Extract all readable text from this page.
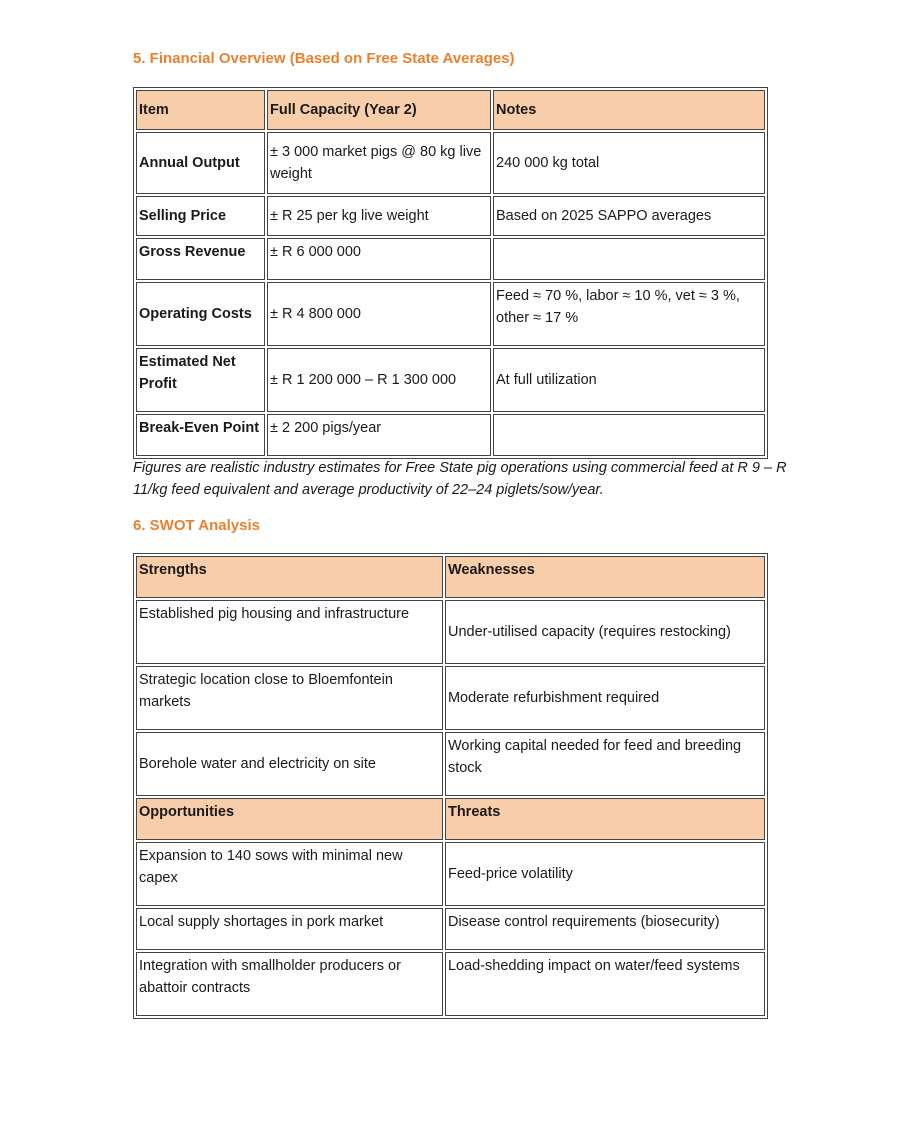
5. Financial Overview (Based on Free State Averages)
Item	Full Capacity (Year 2)	Notes
Annual Output	± 3 000 market pigs @ 80 kg live weight	240 000 kg total
Selling Price	± R 25 per kg live weight	Based on 2025 SAPPO averages
Gross Revenue	± R 6 000 000	
Operating Costs	± R 4 800 000	Feed ≈ 70 %, labor ≈ 10 %, vet ≈ 3 %, other ≈ 17 %
Estimated Net Profit	± R 1 200 000 – R 1 300 000	At full utilization
Break-Even Point	± 2 200 pigs/year	

Figures are realistic industry estimates for Free State pig operations using commercial feed at R 9 – R 11/kg feed equivalent and average productivity of 22–24 piglets/sow/year.

6. SWOT Analysis
Strengths	Weaknesses
Established pig housing and infrastructure	Under-utilised capacity (requires restocking)
Strategic location close to Bloemfontein markets	Moderate refurbishment required
Borehole water and electricity on site	Working capital needed for feed and breeding stock
Opportunities	Threats
Expansion to 140 sows with minimal new capex	Feed-price volatility
Local supply shortages in pork market	Disease control requirements (biosecurity)
Integration with smallholder producers or abattoir contracts	Load-shedding impact on water/feed systems
